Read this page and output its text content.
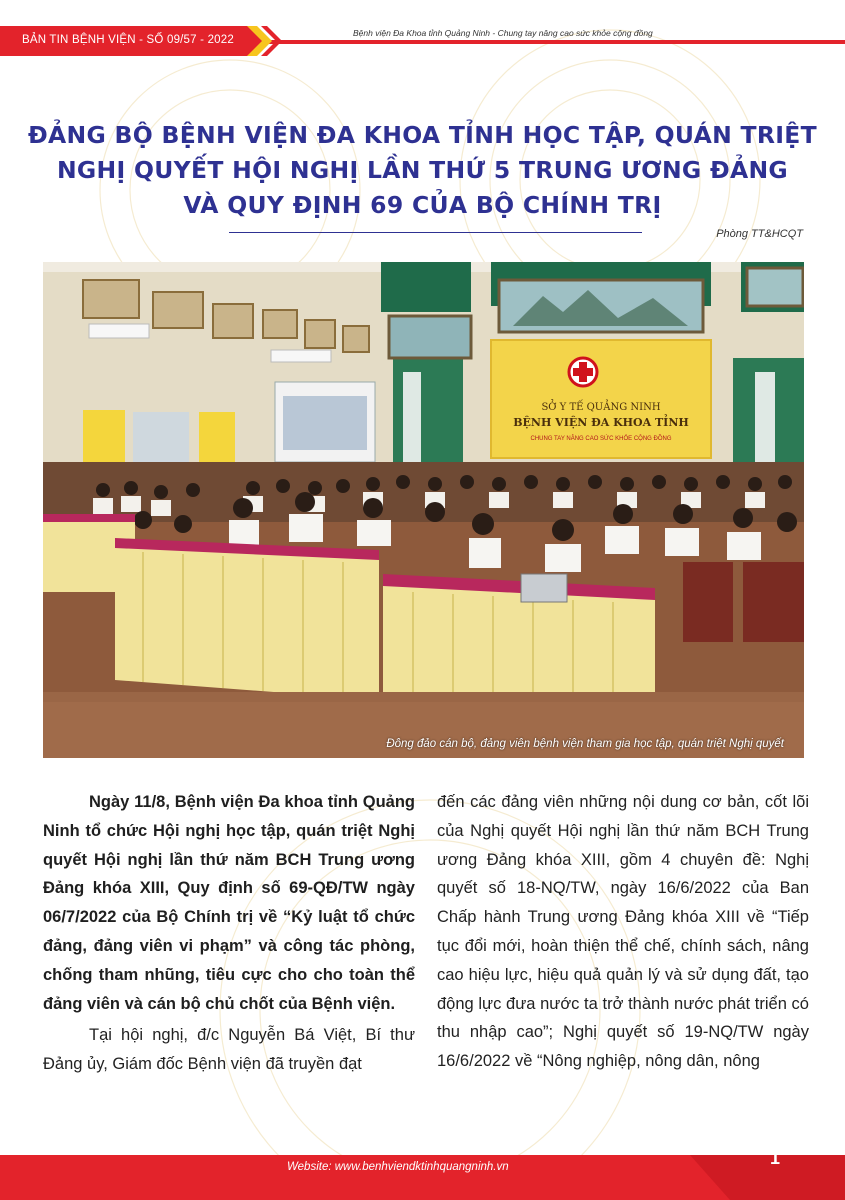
BẢN TIN BỆNH VIỆN - SỐ 09/57 - 2022
Bệnh viện Đa Khoa tỉnh Quảng Ninh - Chung tay nâng cao sức khỏe cộng đồng
ĐẢNG BỘ BỆNH VIỆN ĐA KHOA TỈNH HỌC TẬP, QUÁN TRIỆT
NGHỊ QUYẾT HỘI NGHỊ LẦN THỨ 5 TRUNG ƯƠNG ĐẢNG
VÀ QUY ĐỊNH 69 CỦA BỘ CHÍNH TRỊ
Phòng TT&HCQT
SỞ Y TẾ QUẢNG NINH
BỆNH VIỆN ĐA KHOA TỈNH
CHUNG TAY NÂNG CAO SỨC KHỎE CỘNG ĐỒNG
Đông đảo cán bộ, đảng viên bệnh viện tham gia học tập, quán triệt Nghị quyết

Ngày 11/8, Bệnh viện Đa khoa tỉnh Quảng Ninh tổ chức Hội nghị học tập, quán triệt Nghị quyết Hội nghị lần thứ năm BCH Trung ương Đảng khóa XIII, Quy định số 69-QĐ/TW ngày 06/7/2022 của Bộ Chính trị về “Kỷ luật tổ chức đảng, đảng viên vi phạm” và công tác phòng, chống tham nhũng, tiêu cực cho cho toàn thể đảng viên và cán bộ chủ chốt của Bệnh viện.

Tại hội nghị, đ/c Nguyễn Bá Việt, Bí thư Đảng ủy, Giám đốc Bệnh viện đã truyền đạt

đến các đảng viên những nội dung cơ bản, cốt lõi của Nghị quyết Hội nghị lần thứ năm BCH Trung ương Đảng khóa XIII, gồm 4 chuyên đề: Nghị quyết số 18-NQ/TW, ngày 16/6/2022 của Ban Chấp hành Trung ương Đảng khóa XIII về “Tiếp tục đổi mới, hoàn thiện thể chế, chính sách, nâng cao hiệu lực, hiệu quả quản lý và sử dụng đất, tạo động lực đưa nước ta trở thành nước phát triển có thu nhập cao”; Nghị quyết số 19-NQ/TW ngày 16/6/2022 về “Nông nghiệp, nông dân, nông

Website: www.benhviendktinhquangninh.vn	1
